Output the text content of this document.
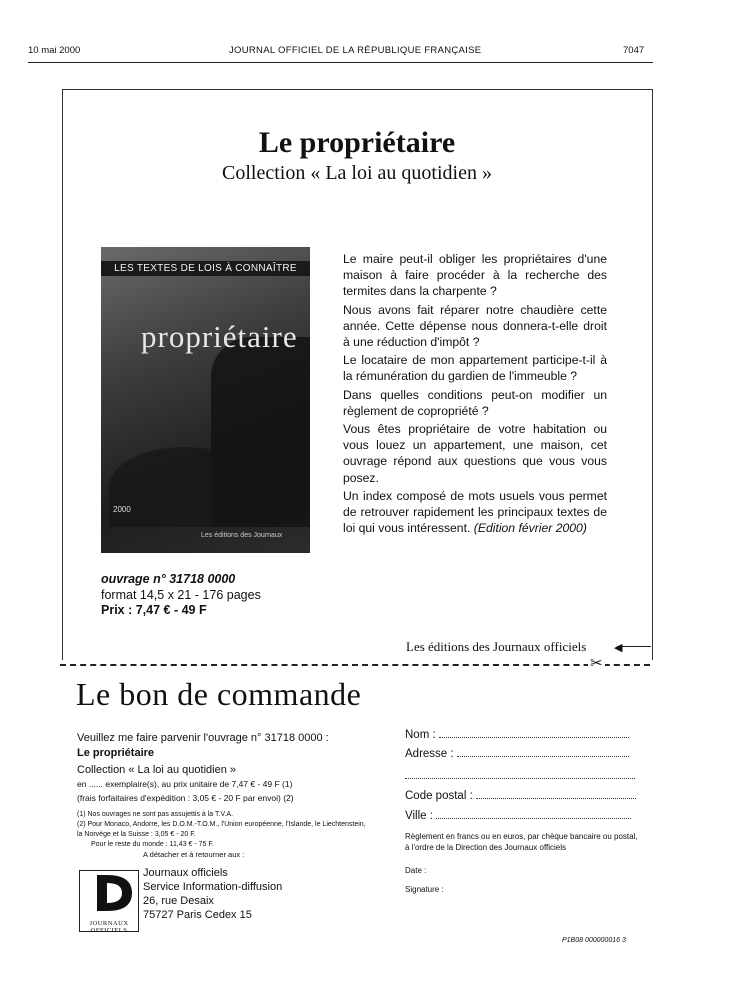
10 mai 2000	JOURNAL OFFICIEL DE LA RÉPUBLIQUE FRANÇAISE	7047
Le propriétaire
Collection « La loi au quotidien »
LES TEXTES DE LOIS À CONNAÎTRE
propriétaire
2000
Les éditions des Journaux

Le maire peut-il obliger les propriétaires d'une maison à faire procéder à la recherche des termites dans la charpente ?

Nous avons fait réparer notre chaudière cette année. Cette dépense nous donnera-t-elle droit à une réduction d'impôt ?

Le locataire de mon appartement participe-t-il à la rémunération du gardien de l'immeuble ?

Dans quelles conditions peut-on modifier un règlement de copropriété ?

Vous êtes propriétaire de votre habitation ou vous louez un appartement, une maison, cet ouvrage répond aux questions que vous vous posez.

Un index composé de mots usuels vous permet de retrouver rapidement les principaux textes de loi qui vous intéressent. (Edition février 2000)

ouvrage n° 31718 0000
format 14,5 x 21 - 176 pages
Prix : 7,47 € - 49 F
Les éditions des Journaux officiels	◀
✂
Le bon de commande
Veuillez me faire parvenir l'ouvrage n° 31718 0000 :
Le propriétaire
Collection « La loi au quotidien »
en ...... exemplaire(s), au prix unitaire de 7,47 € - 49 F (1)
(frais forfaitaires d'expédition : 3,05 € - 20 F par envoi) (2)
(1) Nos ouvrages ne sont pas assujettis à la T.V.A.
(2) Pour Monaco, Andorre, les D.O.M.-T.O.M., l'Union européenne, l'Islande, le Liechtenstein, la Norvège et la Suisse : 3,05 € - 20 F.
Pour le reste du monde : 11,43 € - 75 F.
A détacher et à retourner aux :
JOURNAUX
OFFICIELS
Journaux officiels
Service Information-diffusion
26, rue Desaix
75727 Paris Cedex 15
Nom :
Adresse :

Code postal :
Ville :
Règlement en francs ou en euros, par chèque bancaire ou postal, à l'ordre de la Direction des Journaux officiels
Date :
Signature :
P1B08 000000016 3
